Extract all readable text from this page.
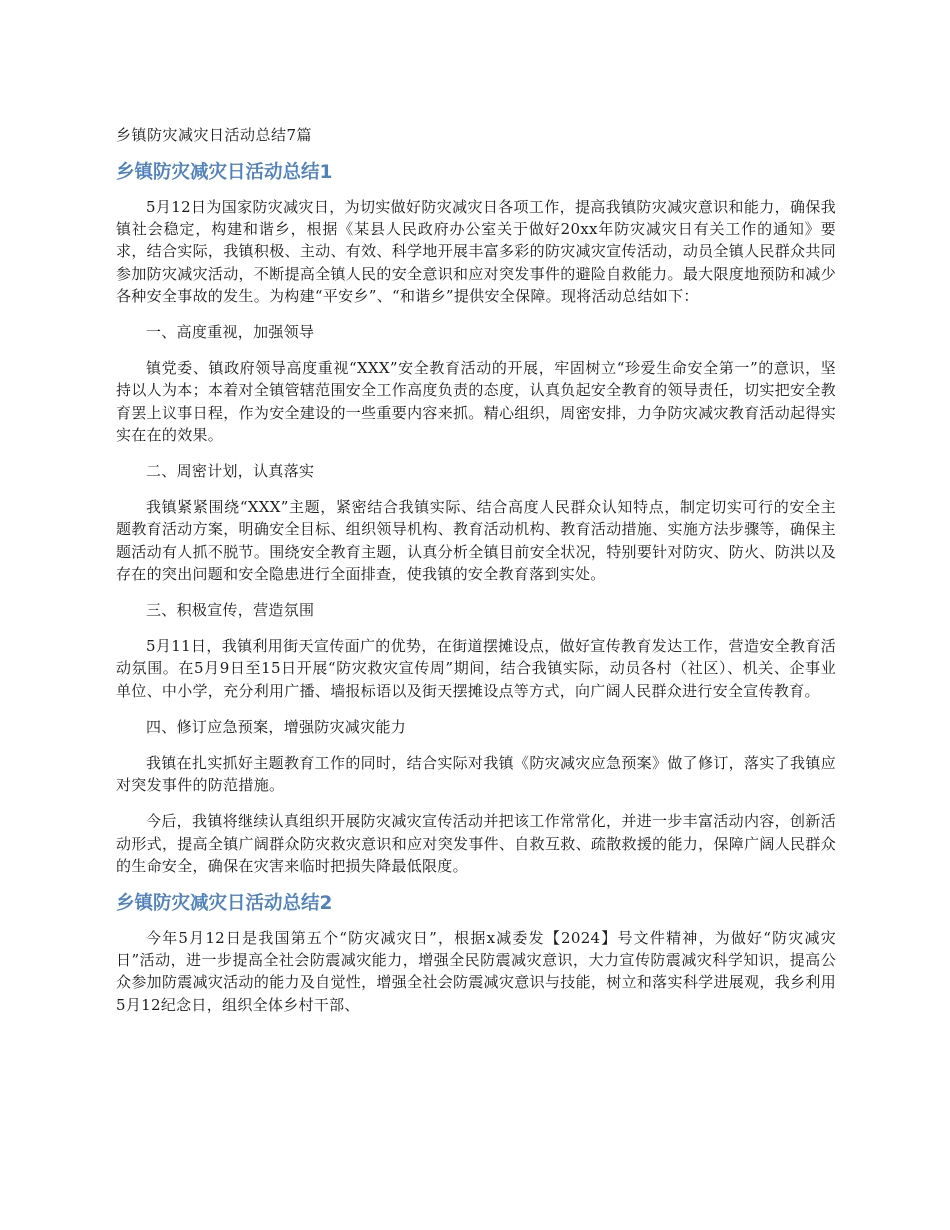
乡镇防灾减灾日活动总结7篇
乡镇防灾减灾日活动总结1

5月12日为国家防灾减灾日，为切实做好防灾减灾日各项工作，提高我镇防灾减灾意识和能力，确保我镇社会稳定，构建和谐乡，根据《某县人民政府办公室关于做好20xx年防灾减灾日有关工作的通知》要求，结合实际，我镇积极、主动、有效、科学地开展丰富多彩的防灾减灾宣传活动，动员全镇人民群众共同参加防灾减灾活动，不断提高全镇人民的安全意识和应对突发事件的避险自救能力。最大限度地预防和减少各种安全事故的发生。为构建“平安乡”、“和谐乡”提供安全保障。现将活动总结如下：

一、高度重视，加强领导

镇党委、镇政府领导高度重视“XXX”安全教育活动的开展，牢固树立“珍爱生命安全第一”的意识，坚持以人为本；本着对全镇管辖范围安全工作高度负责的态度，认真负起安全教育的领导责任，切实把安全教育罢上议事日程，作为安全建设的一些重要内容来抓。精心组织，周密安排，力争防灾减灾教育活动起得实实在在的效果。

二、周密计划，认真落实

我镇紧紧围绕“XXX”主题，紧密结合我镇实际、结合高度人民群众认知特点，制定切实可行的安全主题教育活动方案，明确安全目标、组织领导机构、教育活动机构、教育活动措施、实施方法步骤等，确保主题活动有人抓不脱节。围绕安全教育主题，认真分析全镇目前安全状况，特别要针对防灾、防火、防洪以及存在的突出问题和安全隐患进行全面排查，使我镇的安全教育落到实处。

三、积极宣传，营造氛围

5月11日，我镇利用街天宣传面广的优势，在街道摆摊设点，做好宣传教育发达工作，营造安全教育活动氛围。在5月9日至15日开展“防灾救灾宣传周”期间，结合我镇实际，动员各村（社区）、机关、企事业单位、中小学，充分利用广播、墙报标语以及街天摆摊设点等方式，向广阔人民群众进行安全宣传教育。

四、修订应急预案，增强防灾减灾能力

我镇在扎实抓好主题教育工作的同时，结合实际对我镇《防灾减灾应急预案》做了修订，落实了我镇应对突发事件的防范措施。

今后，我镇将继续认真组织开展防灾减灾宣传活动并把该工作常常化，并进一步丰富活动内容，创新活动形式，提高全镇广阔群众防灾救灾意识和应对突发事件、自救互救、疏散救援的能力，保障广阔人民群众的生命安全，确保在灾害来临时把损失降最低限度。

乡镇防灾减灾日活动总结2

今年5月12日是我国第五个“防灾减灾日”，根据x减委发【2024】号文件精神，为做好“防灾减灾日”活动，进一步提高全社会防震减灾能力，增强全民防震减灾意识，大力宣传防震减灾科学知识，提高公众参加防震减灾活动的能力及自觉性，增强全社会防震减灾意识与技能，树立和落实科学进展观，我乡利用5月12纪念日，组织全体乡村干部、
